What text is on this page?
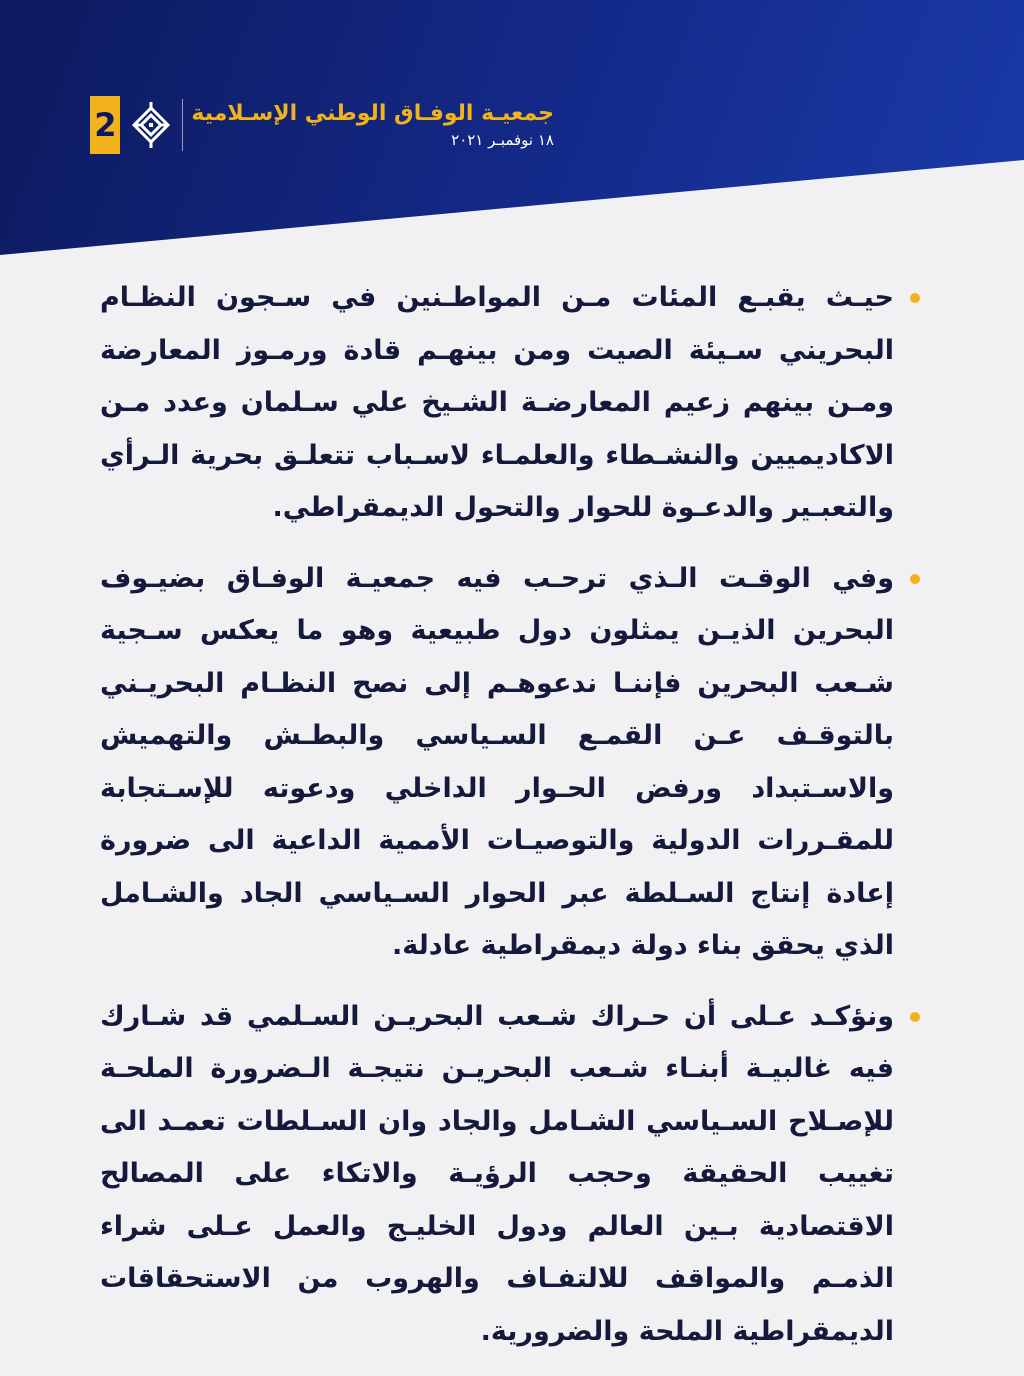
2	جمعيـة الوفـاق الوطني الإسـلامية
١٨ نوفمبـر ٢٠٢١

حيـث يقبـع المئات مـن المواطـنين في سـجون النظـام البحريني سـيئة الصيت ومن بينهـم قادة ورمـوز المعارضة ومـن بينهم زعيم المعارضـة الشـيخ علي سـلمان وعدد مـن الاكاديميين والنشـطاء والعلمـاء لاسـباب تتعلـق بحرية الـرأي والتعبـير والدعـوة للحوار والتحول الديمقراطي.

وفي الوقـت الـذي ترحـب فيه جمعيـة الوفـاق بضيـوف البحرين الذيـن يمثلون دول طبيعية وهو ما يعكس سـجية شـعب البحرين فإننـا ندعوهـم إلى نصح النظـام البحريـني بالتوقـف عـن القمـع السـياسي والبطـش والتهميش والاسـتبداد ورفض الحـوار الداخلي ودعوته للإسـتجابة للمقـررات الدولية والتوصيـات الأممية الداعية الى ضرورة إعادة إنتاج السـلطة عبر الحوار السـياسي الجاد والشـامل الذي يحقق بناء دولة ديمقراطية عادلة.

ونؤكـد عـلى أن حـراك شـعب البحريـن السـلمي قد شـارك فيه غالبيـة أبنـاء شـعب البحريـن نتيجـة الـضرورة الملحـة للإصـلاح السـياسي الشـامل والجاد وان السـلطات تعمـد الى تغييب الحقيقة وحجب الرؤيـة والاتكاء على المصالح الاقتصادية بـين العالم ودول الخليـج والعمل عـلى شراء الذمـم والمواقف للالتفـاف والهروب من الاستحقاقات الديمقراطية الملحة والضرورية.
